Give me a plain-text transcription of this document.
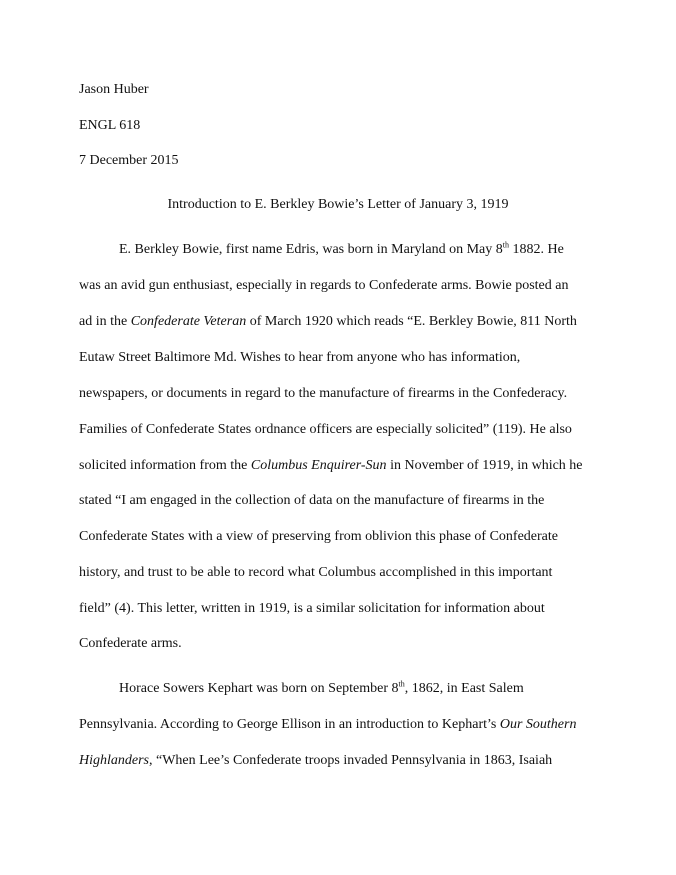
Jason Huber
ENGL 618
7 December 2015
Introduction to E. Berkley Bowie’s Letter of January 3, 1919
E. Berkley Bowie, first name Edris, was born in Maryland on May 8th 1882. He
was an avid gun enthusiast, especially in regards to Confederate arms. Bowie posted an
ad in the Confederate Veteran of March 1920 which reads “E. Berkley Bowie, 811 North
Eutaw Street Baltimore Md. Wishes to hear from anyone who has information,
newspapers, or documents in regard to the manufacture of firearms in the Confederacy.
Families of Confederate States ordnance officers are especially solicited” (119). He also
solicited information from the Columbus Enquirer-Sun in November of 1919, in which he
stated “I am engaged in the collection of data on the manufacture of firearms in the
Confederate States with a view of preserving from oblivion this phase of Confederate
history, and trust to be able to record what Columbus accomplished in this important
field” (4). This letter, written in 1919, is a similar solicitation for information about
Confederate arms.
Horace Sowers Kephart was born on September 8th, 1862, in East Salem
Pennsylvania. According to George Ellison in an introduction to Kephart’s Our Southern
Highlanders, “When Lee’s Confederate troops invaded Pennsylvania in 1863, Isaiah
